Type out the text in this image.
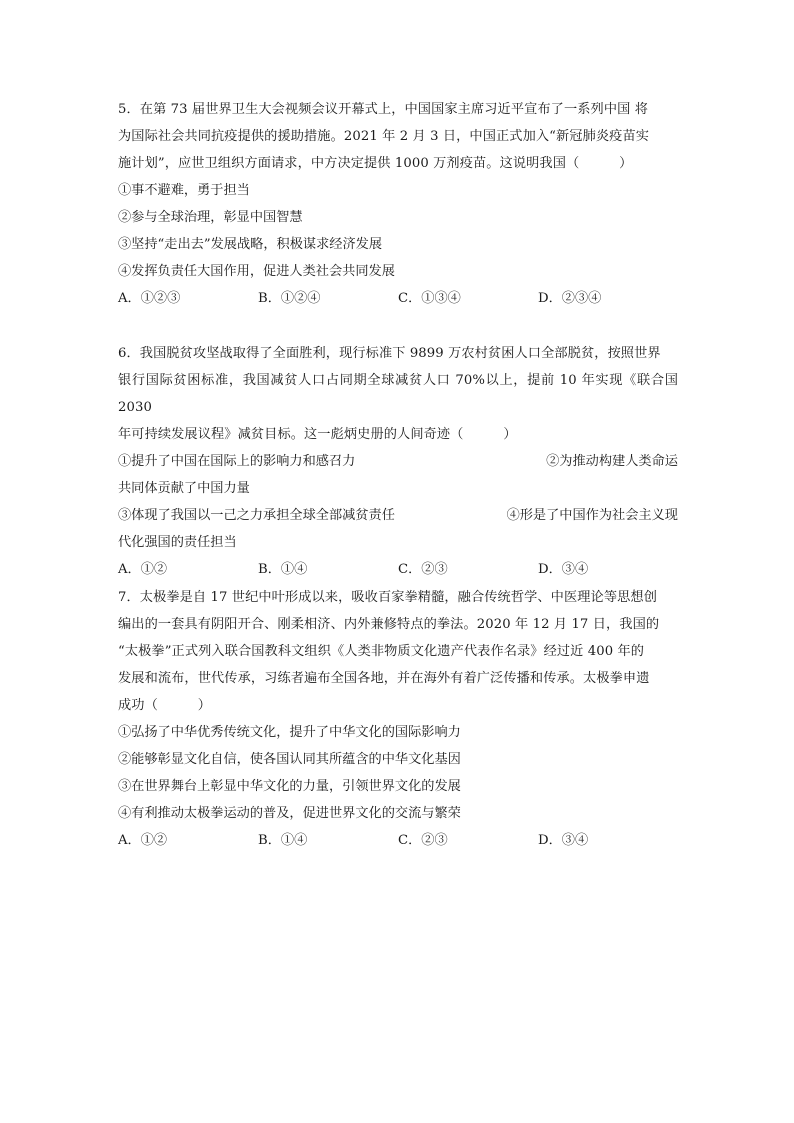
5．在第 73 届世界卫生大会视频会议开幕式上，中国国家主席习近平宣布了一系列中国 将

为国际社会共同抗疫提供的援助措施。2021 年 2 月 3 日，中国正式加入“新冠肺炎疫苗实

施计划”，应世卫组织方面请求，中方决定提供 1000 万剂疫苗。这说明我国（　　　）

①事不避难，勇于担当

②参与全球治理，彰显中国智慧

③坚持“走出去”发展战略，积极谋求经济发展

④发挥负责任大国作用，促进人类社会共同发展

A．①②③	B．①②④	C．①③④	D．②③④

6．我国脱贫攻坚战取得了全面胜利，现行标准下 9899 万农村贫困人口全部脱贫，按照世界

银行国际贫困标准，我国减贫人口占同期全球减贫人口 70%以上，提前 10 年实现《联合国 2030

年可持续发展议程》减贫目标。这一彪炳史册的人间奇迹（　　　）

①提升了中国在国际上的影响力和感召力	②为推动构建人类命运
共同体贡献了中国力量
③体现了我国以一己之力承担全球全部减贫责任	④形是了中国作为社会主义现
代化强国的责任担当
A．①②	B．①④	C．②③	D．③④

7．太极拳是自 17 世纪中叶形成以来，吸收百家拳精髓，融合传统哲学、中医理论等思想创

编出的一套具有阴阳开合、刚柔相济、内外兼修特点的拳法。2020 年 12 月 17 日，我国的

“太极拳”正式列入联合国教科文组织《人类非物质文化遗产代表作名录》经过近 400 年的

发展和流布，世代传承，习练者遍布全国各地，并在海外有着广泛传播和传承。太极拳申遗

成功（　　　）

①弘扬了中华优秀传统文化，提升了中华文化的国际影响力

②能够彰显文化自信，使各国认同其所蕴含的中华文化基因

③在世界舞台上彰显中华文化的力量，引领世界文化的发展

④有利推动太极拳运动的普及，促进世界文化的交流与繁荣

A．①②	B．①④	C．②③	D．③④
